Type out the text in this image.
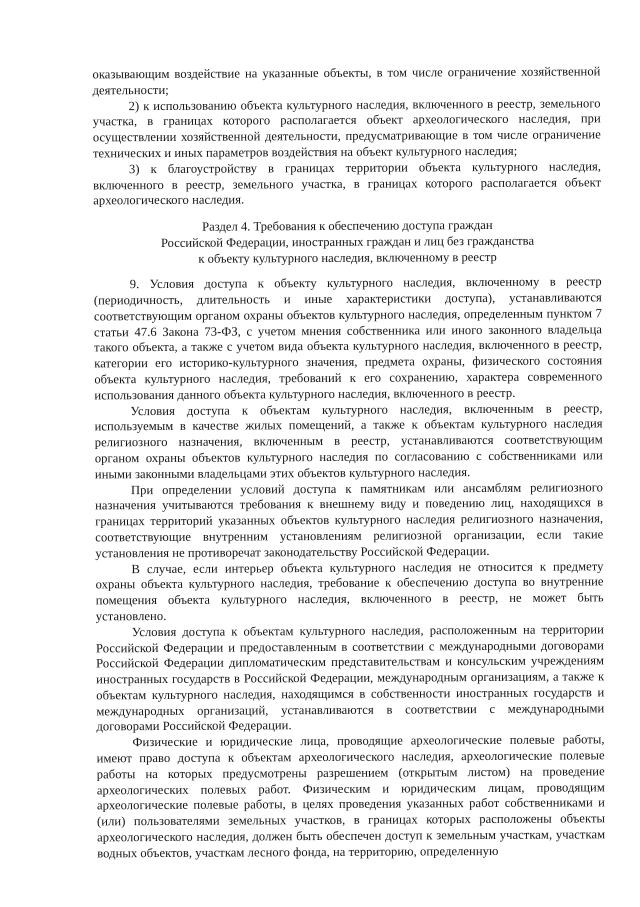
оказывающим воздействие на указанные объекты, в том числе ограничение хозяйственной деятельности;

2) к использованию объекта культурного наследия, включенного в реестр, земельного участка, в границах которого располагается объект археологического наследия, при осуществлении хозяйственной деятельности, предусматривающие в том числе ограничение технических и иных параметров воздействия на объект культурного наследия;

3) к благоустройству в границах территории объекта культурного наследия, включенного в реестр, земельного участка, в границах которого располагается объект археологического наследия.

Раздел 4. Требования к обеспечению доступа граждан
Российской Федерации, иностранных граждан и лиц без гражданства
к объекту культурного наследия, включенному в реестр

9. Условия доступа к объекту культурного наследия, включенному в реестр (периодичность, длительность и иные характеристики доступа), устанавливаются соответствующим органом охраны объектов культурного наследия, определенным пунктом 7 статьи 47.6 Закона 73-ФЗ, с учетом мнения собственника или иного законного владельца такого объекта, а также с учетом вида объекта культурного наследия, включенного в реестр, категории его историко-культурного значения, предмета охраны, физического состояния объекта культурного наследия, требований к его сохранению, характера современного использования данного объекта культурного наследия, включенного в реестр.

Условия доступа к объектам культурного наследия, включенным в реестр, используемым в качестве жилых помещений, а также к объектам культурного наследия религиозного назначения, включенным в реестр, устанавливаются соответствующим органом охраны объектов культурного наследия по согласованию с собственниками или иными законными владельцами этих объектов культурного наследия.

При определении условий доступа к памятникам или ансамблям религиозного назначения учитываются требования к внешнему виду и поведению лиц, находящихся в границах территорий указанных объектов культурного наследия религиозного назначения, соответствующие внутренним установлениям религиозной организации, если такие установления не противоречат законодательству Российской Федерации.

В случае, если интерьер объекта культурного наследия не относится к предмету охраны объекта культурного наследия, требование к обеспечению доступа во внутренние помещения объекта культурного наследия, включенного в реестр, не может быть установлено.

Условия доступа к объектам культурного наследия, расположенным на территории Российской Федерации и предоставленным в соответствии с международными договорами Российской Федерации дипломатическим представительствам и консульским учреждениям иностранных государств в Российской Федерации, международным организациям, а также к объектам культурного наследия, находящимся в собственности иностранных государств и международных организаций, устанавливаются в соответствии с международными договорами Российской Федерации.

Физические и юридические лица, проводящие археологические полевые работы, имеют право доступа к объектам археологического наследия, археологические полевые работы на которых предусмотрены разрешением (открытым листом) на проведение археологических полевых работ. Физическим и юридическим лицам, проводящим археологические полевые работы, в целях проведения указанных работ собственниками и (или) пользователями земельных участков, в границах которых расположены объекты археологического наследия, должен быть обеспечен доступ к земельным участкам, участкам водных объектов, участкам лесного фонда, на территорию, определенную
